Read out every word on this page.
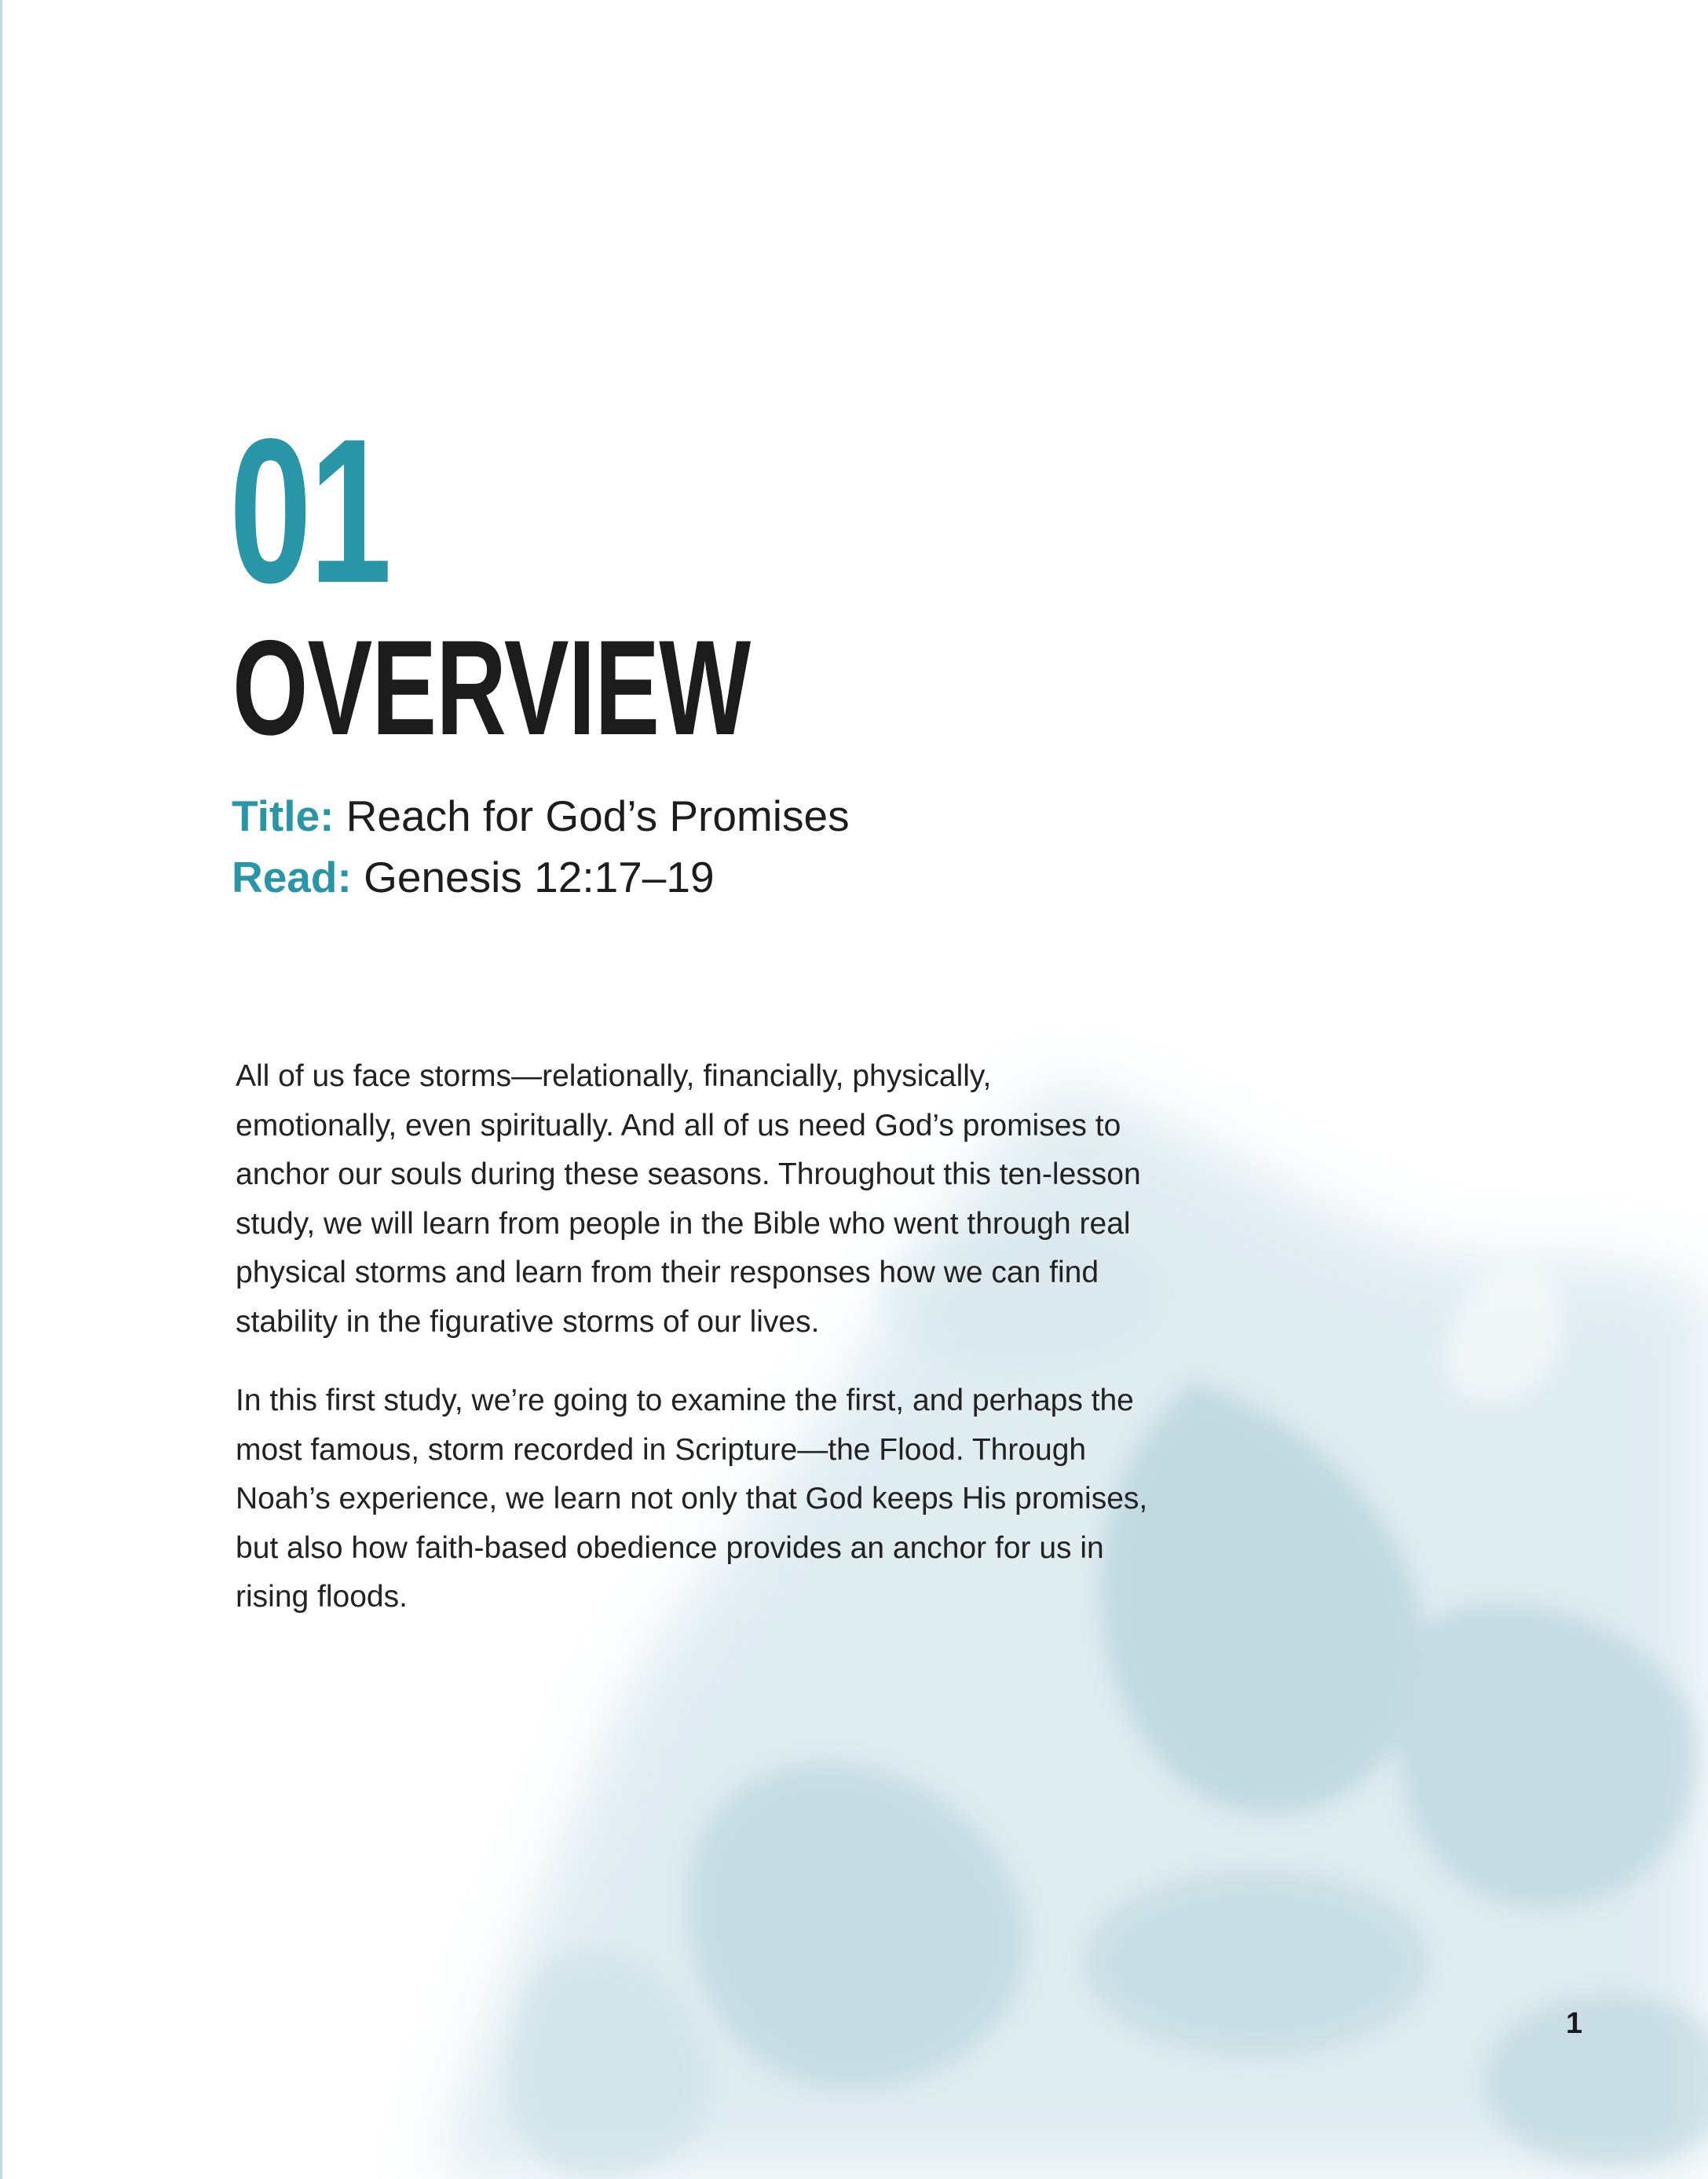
01
OVERVIEW
Title: Reach for God’s Promises
Read: Genesis 12:17–19

All of us face storms—relationally, financially, physically, emotionally, even spiritually. And all of us need God’s promises to anchor our souls during these seasons. Throughout this ten-lesson study, we will learn from people in the Bible who went through real physical storms and learn from their responses how we can find stability in the figurative storms of our lives.

In this first study, we’re going to examine the first, and perhaps the most famous, storm recorded in Scripture—the Flood. Through Noah’s experience, we learn not only that God keeps His promises, but also how faith-based obedience provides an anchor for us in rising floods.

1
